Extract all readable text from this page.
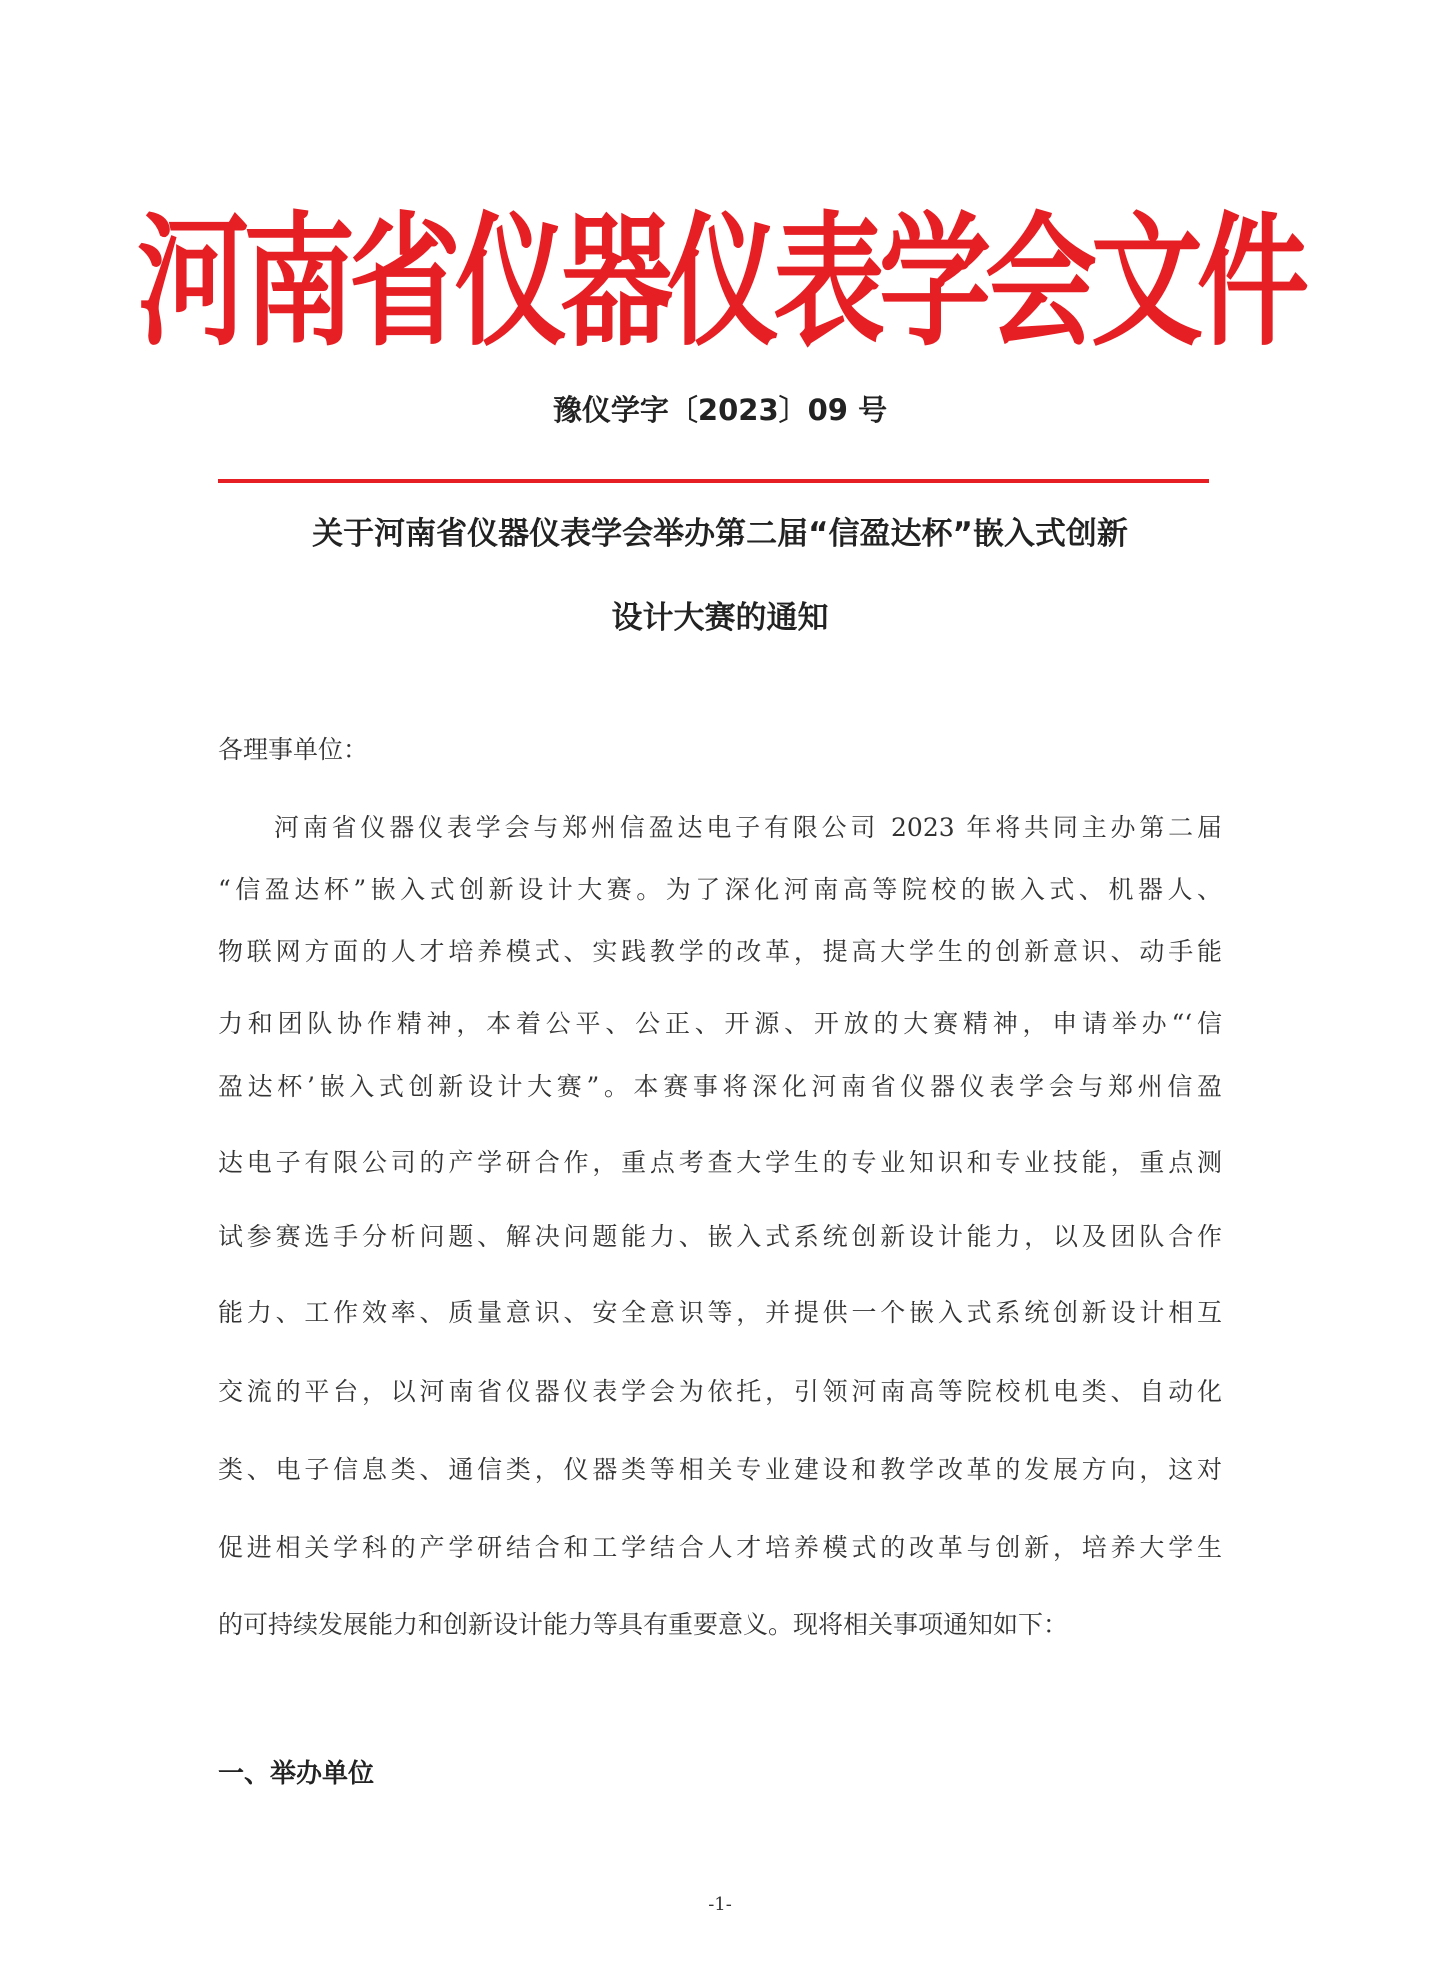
河南省仪器仪表学会文件
豫仪学字〔2023〕09 号
关于河南省仪器仪表学会举办第二届“信盈达杯”嵌入式创新
设计大赛的通知
各理事单位：
河南省仪器仪表学会与郑州信盈达电子有限公司 2023 年将共同主办第二届
“信盈达杯”嵌入式创新设计大赛。为了深化河南高等院校的嵌入式、机器人、
物联网方面的人才培养模式、实践教学的改革，提高大学生的创新意识、动手能
力和团队协作精神，本着公平、公正、开源、开放的大赛精神，申请举办“‘信
盈达杯’嵌入式创新设计大赛”。本赛事将深化河南省仪器仪表学会与郑州信盈
达电子有限公司的产学研合作，重点考查大学生的专业知识和专业技能，重点测
试参赛选手分析问题、解决问题能力、嵌入式系统创新设计能力，以及团队合作
能力、工作效率、质量意识、安全意识等，并提供一个嵌入式系统创新设计相互
交流的平台，以河南省仪器仪表学会为依托，引领河南高等院校机电类、自动化
类、电子信息类、通信类，仪器类等相关专业建设和教学改革的发展方向，这对
促进相关学科的产学研结合和工学结合人才培养模式的改革与创新，培养大学生
的可持续发展能力和创新设计能力等具有重要意义。现将相关事项通知如下：
一、举办单位
-1-
